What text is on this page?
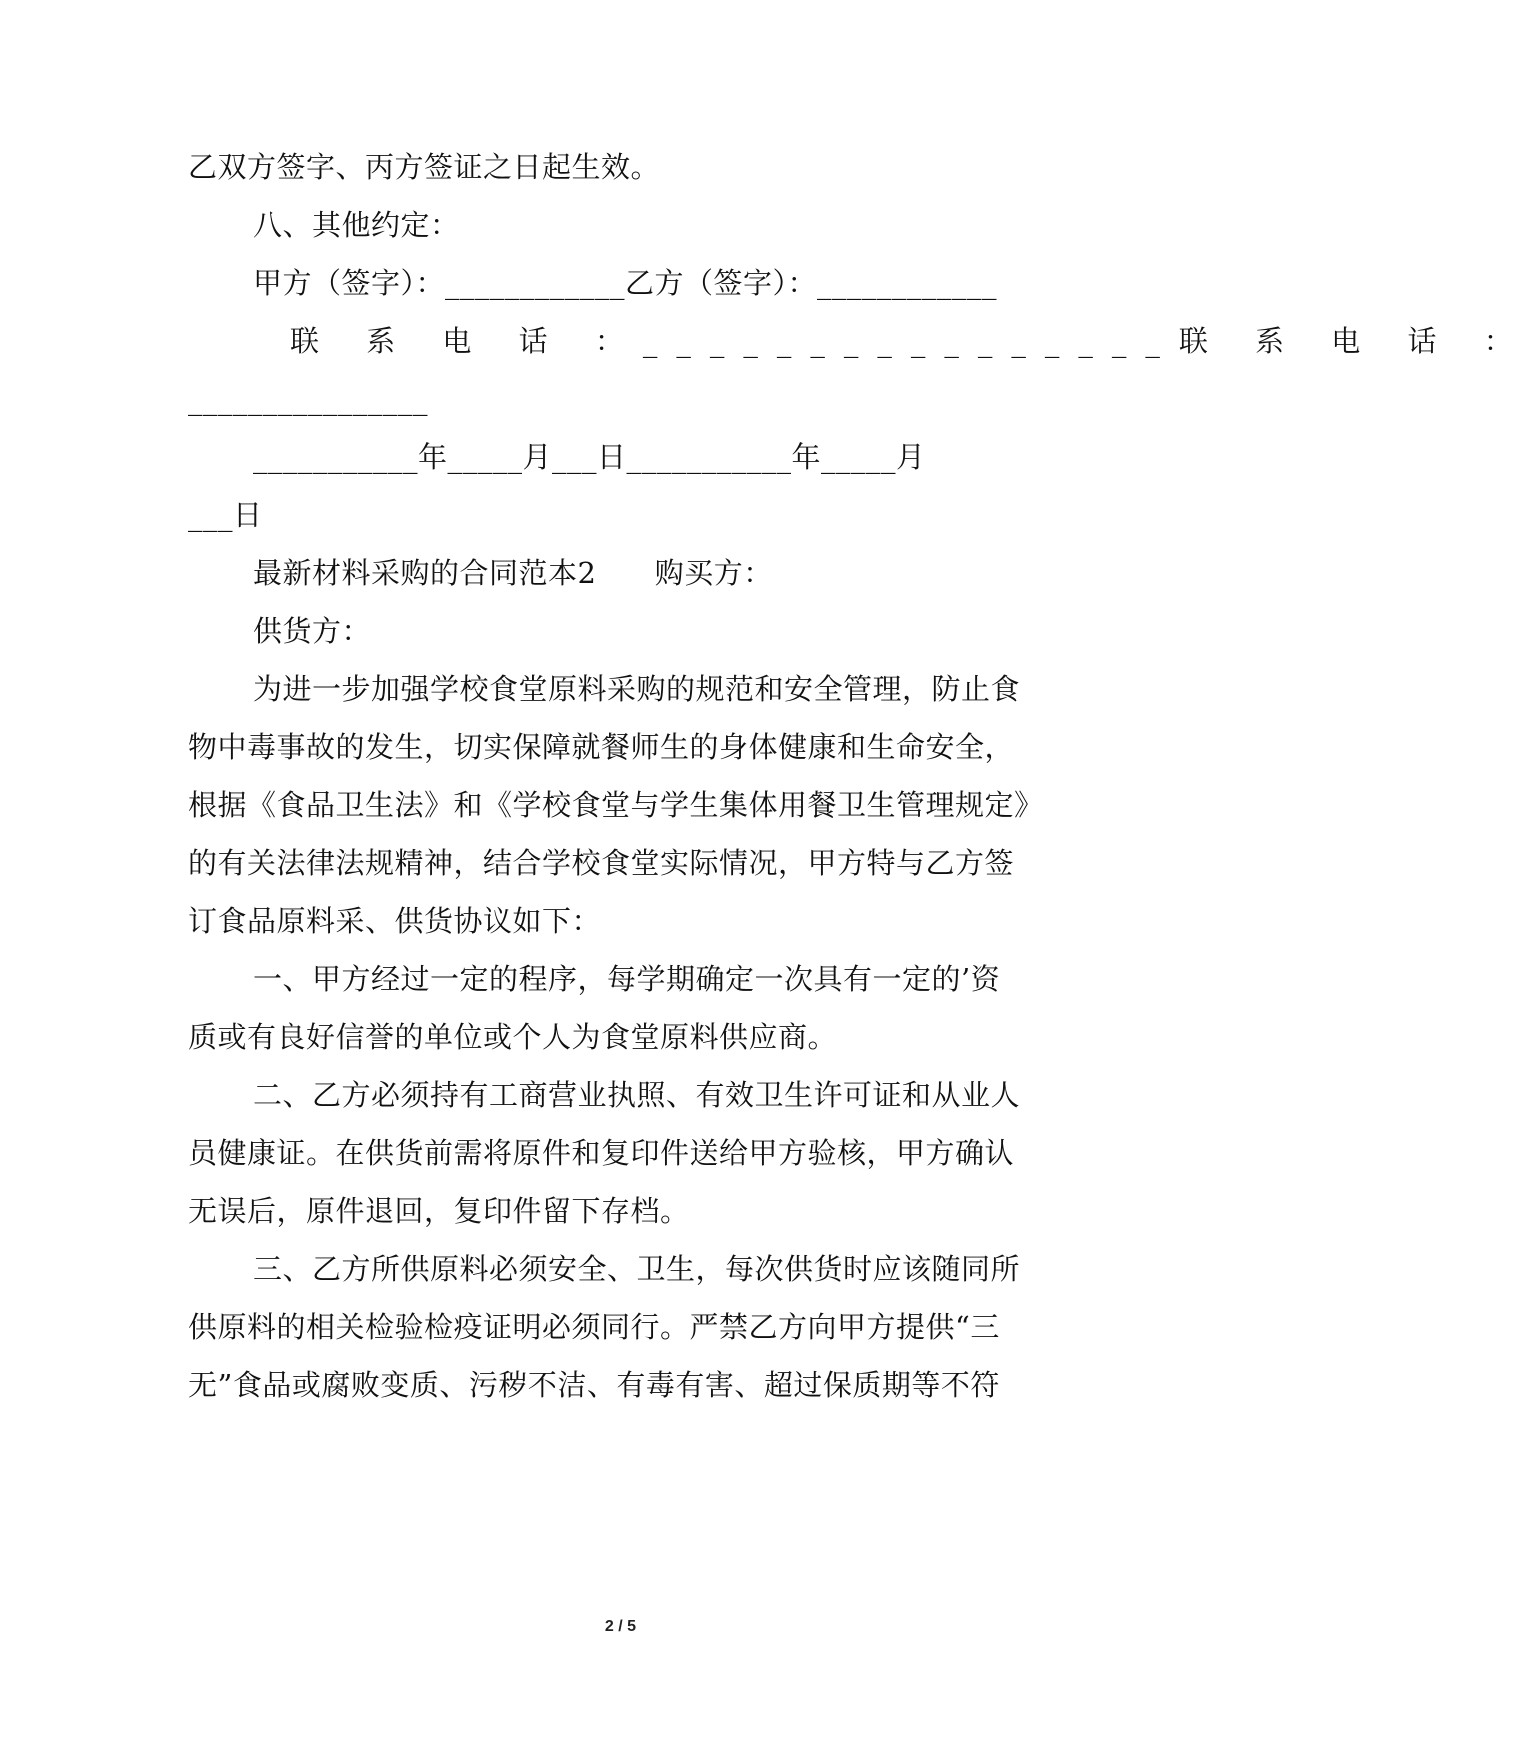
乙双方签字、丙方签证之日起生效。
八、其他约定：
甲方（签字）：____________乙方（签字）：____________
联 系 电 话 ：________________联 系 电 话 ：
________________
___________年_____月___日___________年_____月
___日
最新材料采购的合同范本2      购买方：
供货方：
为进一步加强学校食堂原料采购的规范和安全管理，防止食
物中毒事故的发生，切实保障就餐师生的身体健康和生命安全，
根据《食品卫生法》和《学校食堂与学生集体用餐卫生管理规定》
的有关法律法规精神，结合学校食堂实际情况，甲方特与乙方签
订食品原料采、供货协议如下：
一、甲方经过一定的程序，每学期确定一次具有一定的’资
质或有良好信誉的单位或个人为食堂原料供应商。
二、乙方必须持有工商营业执照、有效卫生许可证和从业人
员健康证。在供货前需将原件和复印件送给甲方验核，甲方确认
无误后，原件退回，复印件留下存档。
三、乙方所供原料必须安全、卫生，每次供货时应该随同所
供原料的相关检验检疫证明必须同行。严禁乙方向甲方提供“三
无”食品或腐败变质、污秽不洁、有毒有害、超过保质期等不符
2 / 5
